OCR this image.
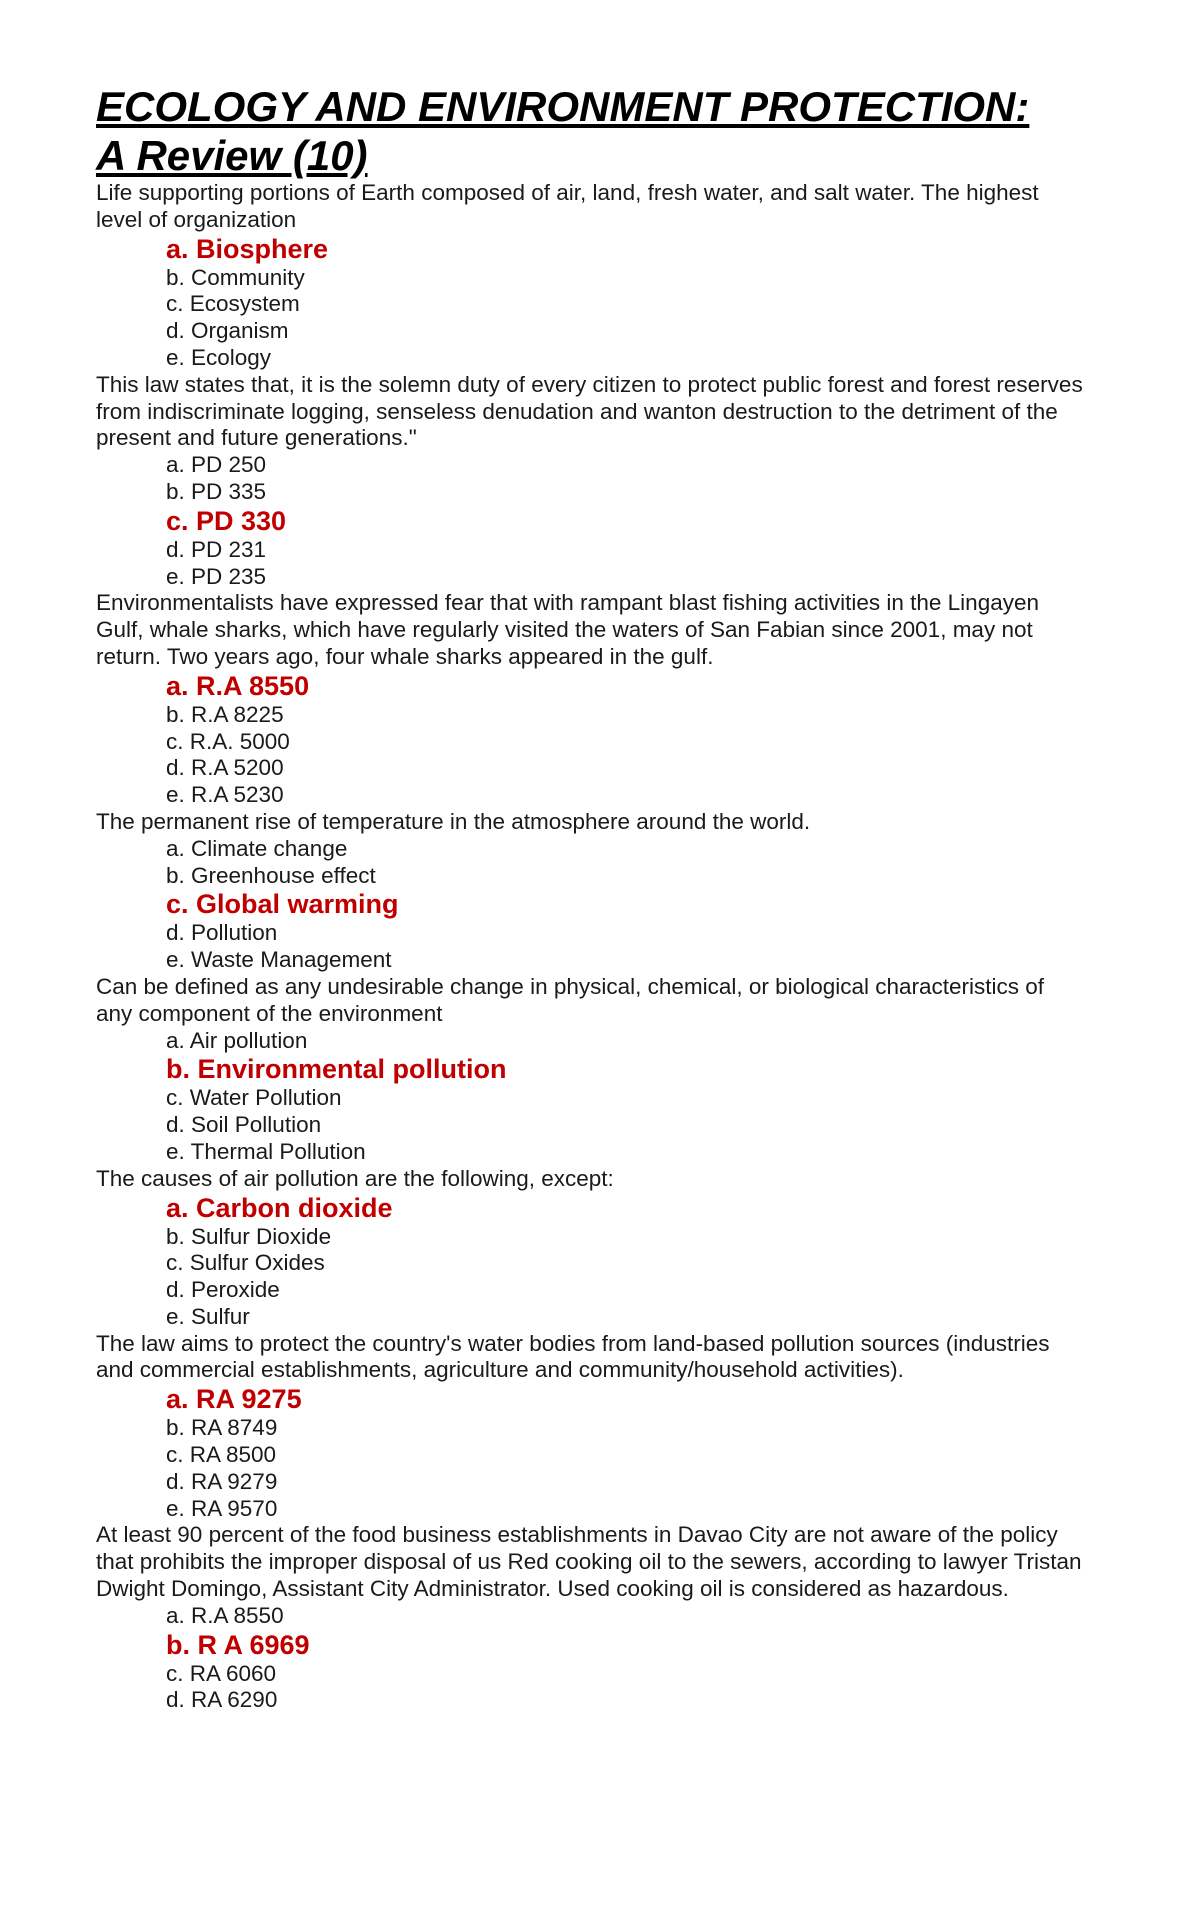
ECOLOGY AND ENVIRONMENT PROTECTION:
A Review (10)

Life supporting portions of Earth composed of air, land, fresh water, and salt water. The highest level of organization

a. Biosphere
b. Community
c. Ecosystem
d. Organism
e. Ecology

This law states that, it is the solemn duty of every citizen to protect public forest and forest reserves from indiscriminate logging, senseless denudation and wanton destruction to the detriment of the present and future generations."

a. PD 250
b. PD 335
c. PD 330
d. PD 231
e. PD 235

Environmentalists have expressed fear that with rampant blast fishing activities in the Lingayen Gulf, whale sharks, which have regularly visited the waters of San Fabian since 2001, may not return. Two years ago, four whale sharks appeared in the gulf.

a. R.A 8550
b. R.A 8225
c. R.A. 5000
d. R.A 5200
e. R.A 5230

The permanent rise of temperature in the atmosphere around the world.

a. Climate change
b. Greenhouse effect
c. Global warming
d. Pollution
e. Waste Management

Can be defined as any undesirable change in physical, chemical, or biological characteristics of any component of the environment

a. Air pollution
b. Environmental pollution
c. Water Pollution
d. Soil Pollution
e. Thermal Pollution

The causes of air pollution are the following, except:

a. Carbon dioxide
b. Sulfur Dioxide
c. Sulfur Oxides
d. Peroxide
e. Sulfur

The law aims to protect the country's water bodies from land-based pollution sources (industries and commercial establishments, agriculture and community/household activities).

a. RA 9275
b. RA 8749
c. RA 8500
d. RA 9279
e. RA 9570

At least 90 percent of the food business establishments in Davao City are not aware of the policy that prohibits the improper disposal of us Red cooking oil to the sewers, according to lawyer Tristan Dwight Domingo, Assistant City Administrator. Used cooking oil is considered as hazardous.

a. R.A 8550
b. R A 6969
c. RA 6060
d. RA 6290
